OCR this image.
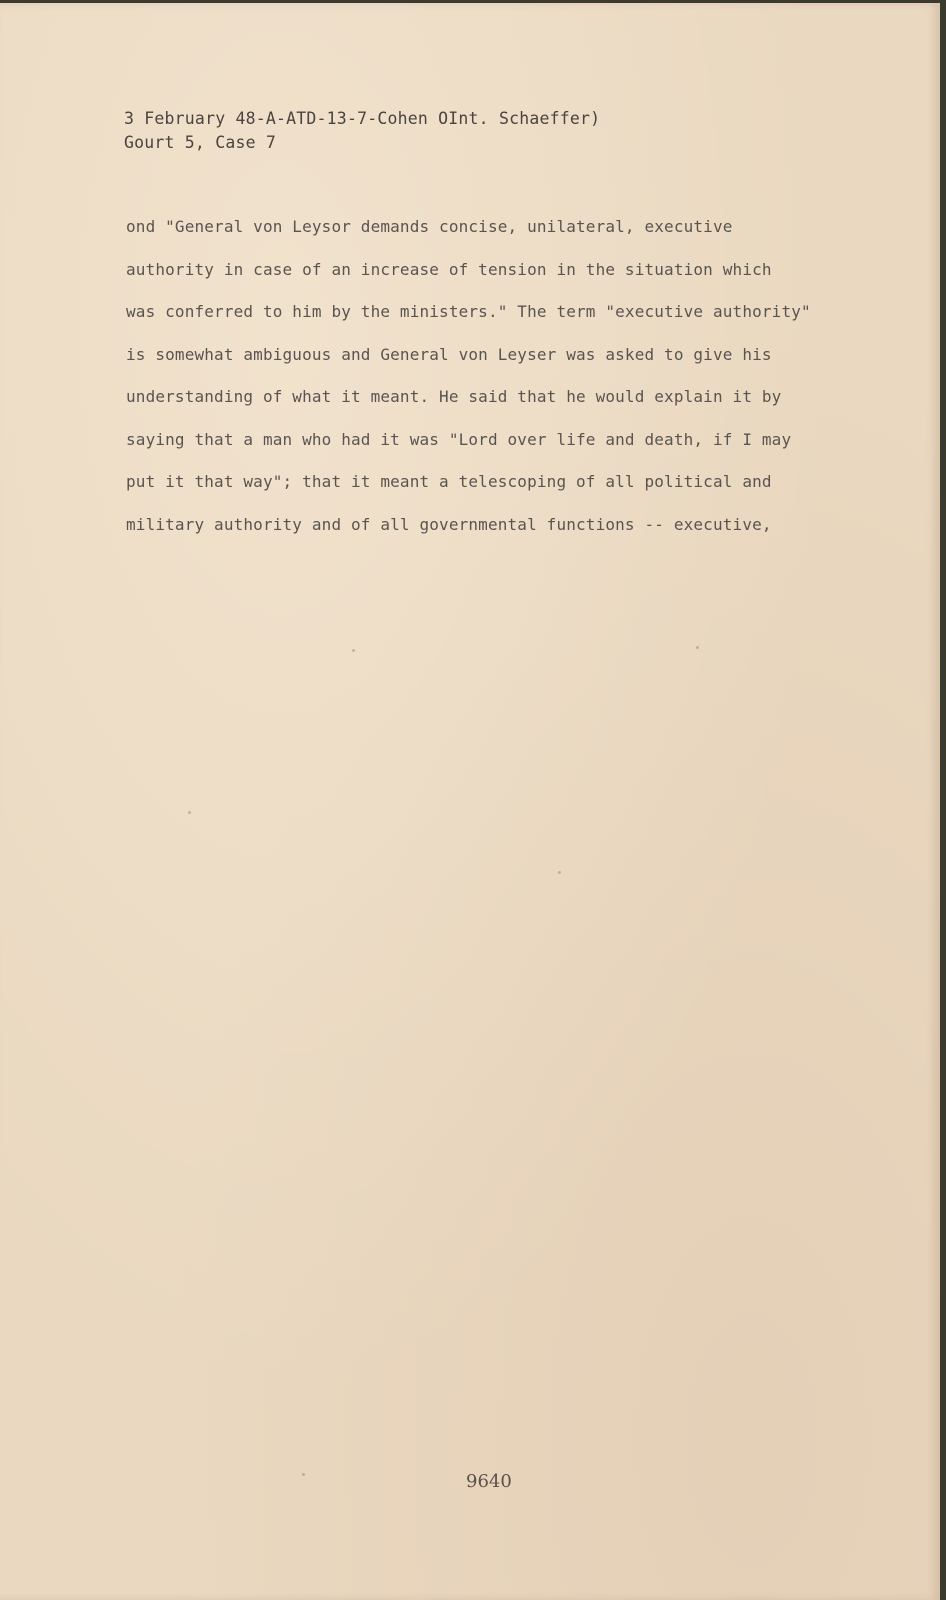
3 February 48-A-ATD-13-7-Cohen OInt. Schaeffer)
Gourt 5, Case 7
ond "General von Leysor demands concise, unilateral, executive
authority in case of an increase of tension in the situation which
was conferred to him by the ministers." The term "executive authority"
is somewhat ambiguous and General von Leyser was asked to give his
understanding of what it meant. He said that he would explain it by
saying that a man who had it was "Lord over life and death, if I may
put it that way"; that it meant a telescoping of all political and
military authority and of all governmental functions -- executive,
9640
